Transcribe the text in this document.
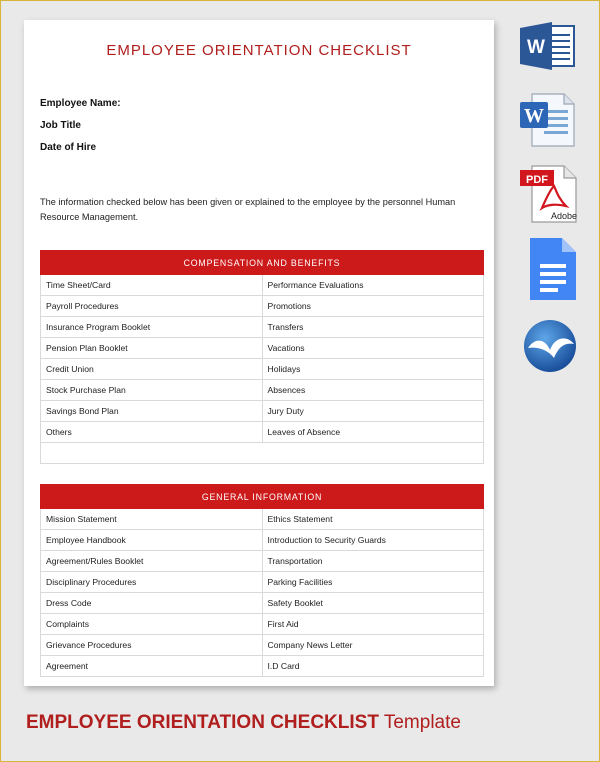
EMPLOYEE ORIENTATION CHECKLIST
Employee Name:
Job Title
Date of Hire
The information checked below has been given or explained to the employee by the personnel Human Resource Management.
COMPENSATION AND BENEFITS	
Time Sheet/Card	Performance Evaluations
Payroll Procedures	Promotions
Insurance Program Booklet	Transfers
Pension Plan Booklet	Vacations
Credit Union	Holidays
Stock Purchase Plan	Absences
Savings Bond Plan	Jury Duty
Others	Leaves of Absence

GENERAL INFORMATION	
Mission Statement	Ethics Statement
Employee Handbook	Introduction to Security Guards
Agreement/Rules Booklet	Transportation
Disciplinary Procedures	Parking Facilities
Dress Code	Safety Booklet
Complaints	First Aid
Grievance Procedures	Company News Letter
Agreement	I.D Card
W
W
PDF
Adobe
EMPLOYEE ORIENTATION CHECKLIST Template
